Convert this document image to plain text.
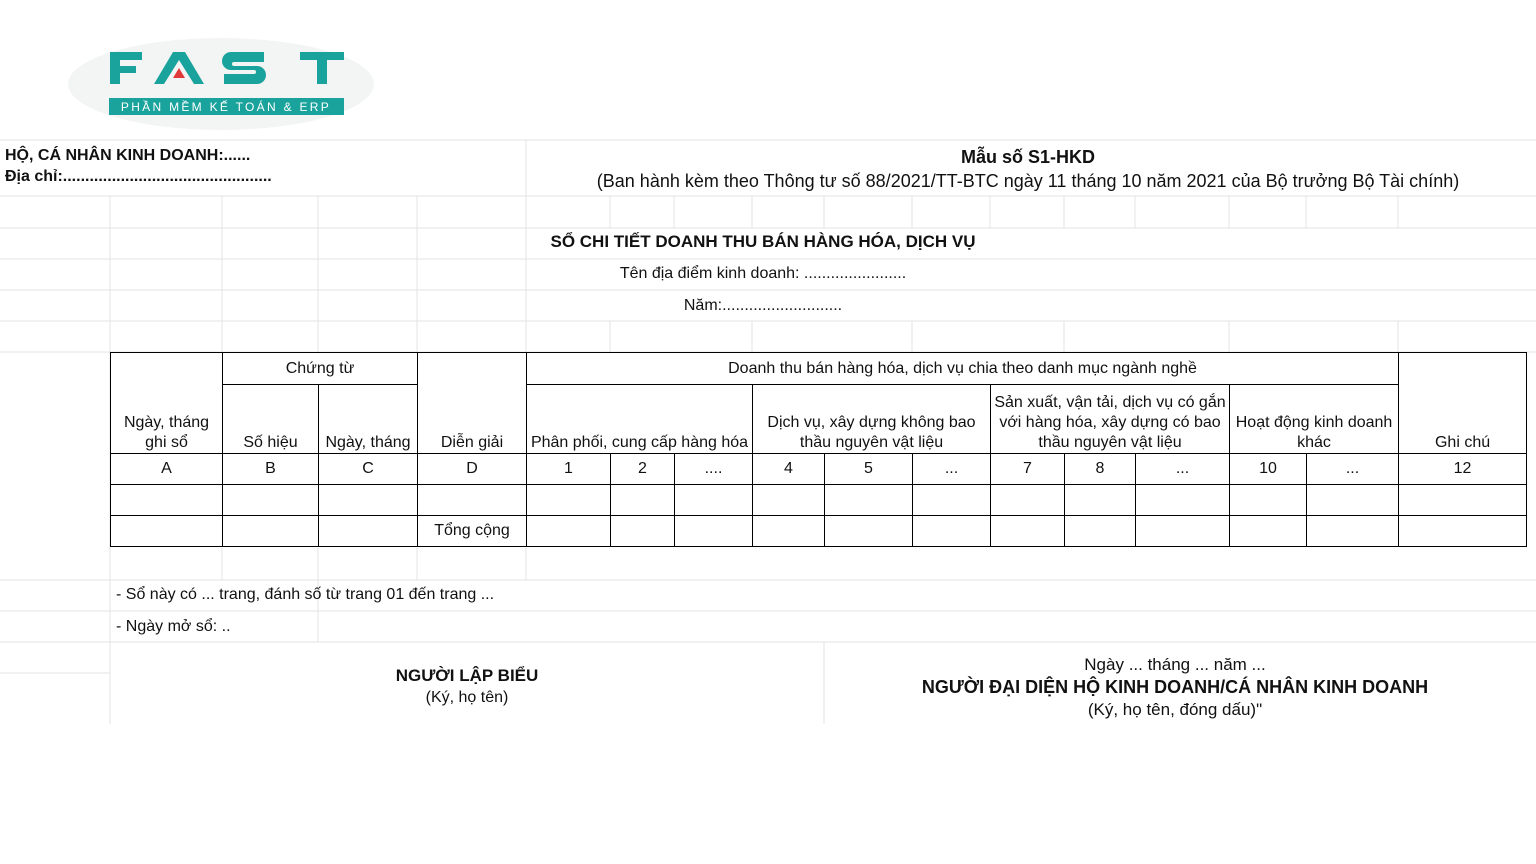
PHẦN MỀM KẾ TOÁN & ERP
HỘ, CÁ NHÂN KINH DOANH:......
Địa chỉ:...............................................
Mẫu số S1-HKD
(Ban hành kèm theo Thông tư số 88/2021/TT-BTC ngày 11 tháng 10 năm 2021 của Bộ trưởng Bộ Tài chính)
SỔ CHI TIẾT DOANH THU BÁN HÀNG HÓA, DỊCH VỤ
Tên địa điểm kinh doanh: .......................
Năm:...........................
Ngày, tháng ghi sổ	Chứng từ		Diễn giải	Doanh thu bán hàng hóa, dịch vụ chia theo danh mục ngành nghề											Ghi chú
	Số hiệu	Ngày, tháng		Phân phối, cung cấp hàng hóa			Dịch vụ, xây dựng không bao thầu nguyên vật liệu			Sản xuất, vận tải, dịch vụ có gắn với hàng hóa, xây dựng có bao thầu nguyên vật liệu			Hoạt động kinh doanh khác		
A	B	C	D	1	2	....	4	5	...	7	8	...	10	...	12

			Tổng cộng												
- Sổ này có ... trang, đánh số từ trang 01 đến trang ...
- Ngày mở sổ: ..
NGƯỜI LẬP BIỂU
(Ký, họ tên)
Ngày ... tháng ... năm ...
NGƯỜI ĐẠI DIỆN HỘ KINH DOANH/CÁ NHÂN KINH DOANH
(Ký, họ tên, đóng dấu)"
